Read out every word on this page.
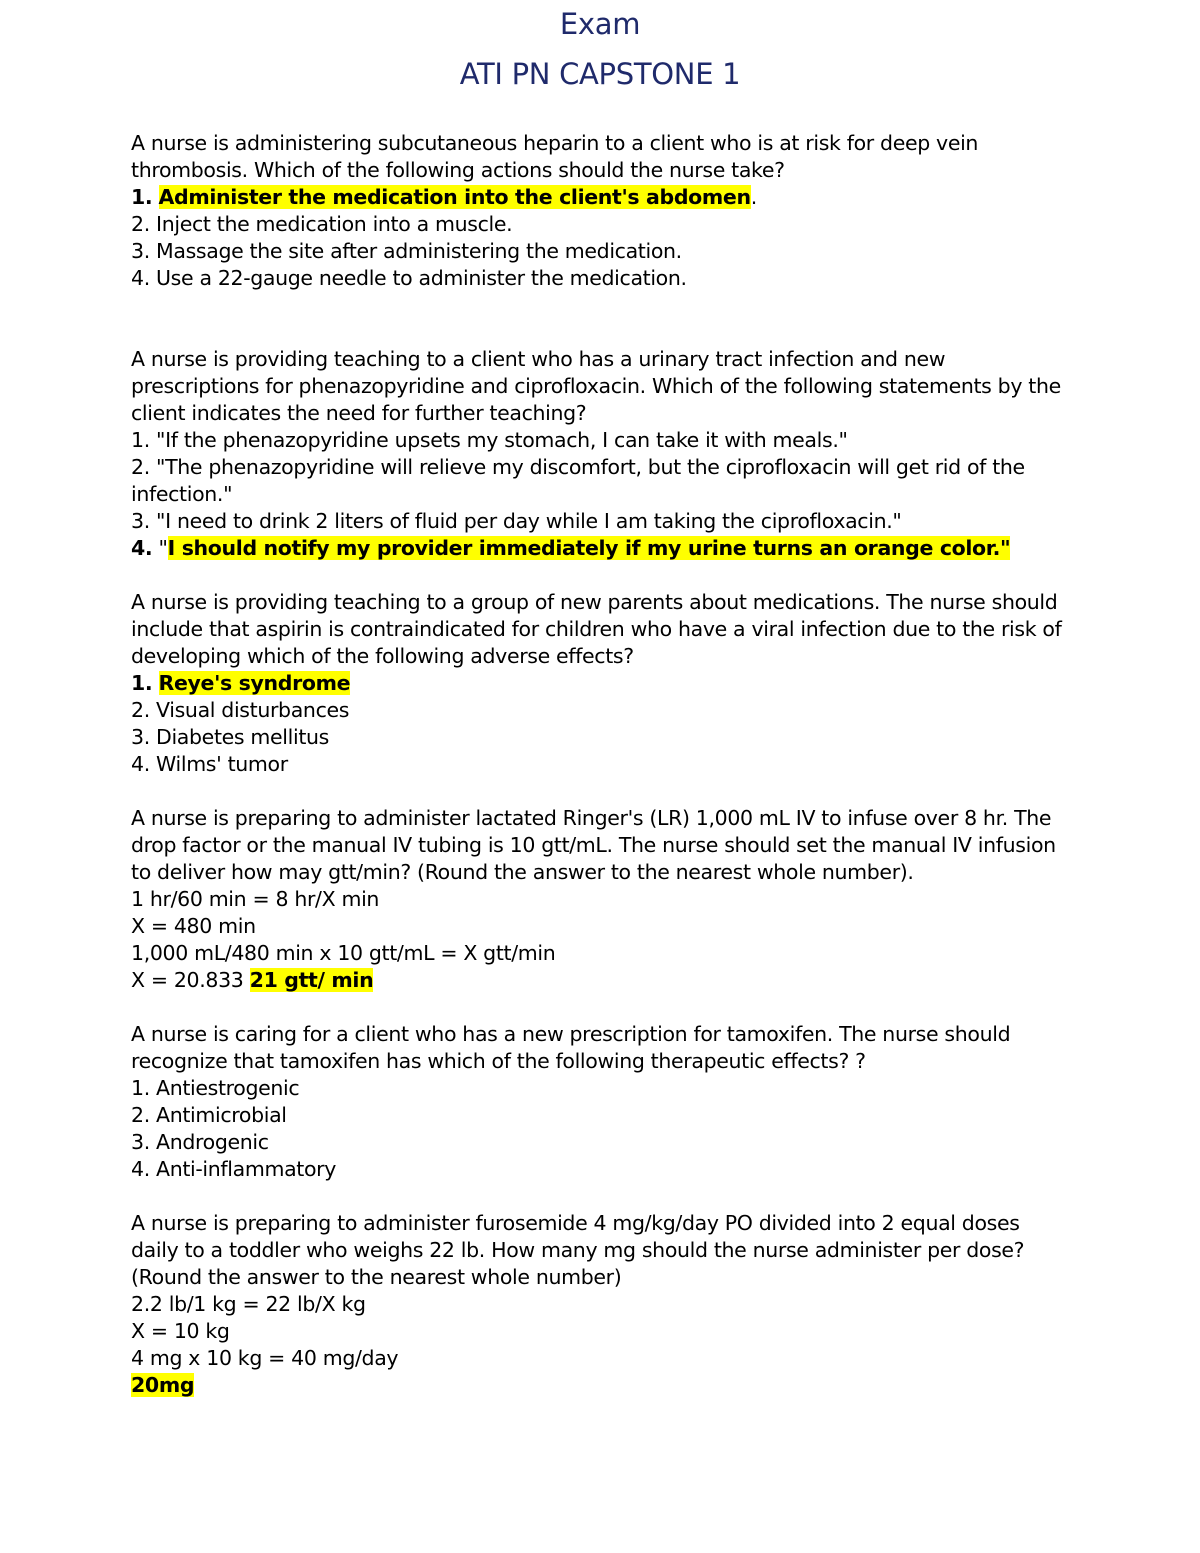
Exam
ATI PN CAPSTONE 1

A nurse is administering subcutaneous heparin to a client who is at risk for deep vein thrombosis. Which of the following actions should the nurse take?

1. Administer the medication into the client's abdomen.

2. Inject the medication into a muscle.

3. Massage the site after administering the medication.

4. Use a 22-gauge needle to administer the medication.

A nurse is providing teaching to a client who has a urinary tract infection and new prescriptions for phenazopyridine and ciprofloxacin. Which of the following statements by the client indicates the need for further teaching?

1. "If the phenazopyridine upsets my stomach, I can take it with meals."

2. "The phenazopyridine will relieve my discomfort, but the ciprofloxacin will get rid of the infection."

3. "I need to drink 2 liters of fluid per day while I am taking the ciprofloxacin."

4. "I should notify my provider immediately if my urine turns an orange color."

A nurse is providing teaching to a group of new parents about medications. The nurse should include that aspirin is contraindicated for children who have a viral infection due to the risk of developing which of the following adverse effects?

1. Reye's syndrome

2. Visual disturbances

3. Diabetes mellitus

4. Wilms' tumor

A nurse is preparing to administer lactated Ringer's (LR) 1,000 mL IV to infuse over 8 hr. The drop factor or the manual IV tubing is 10 gtt/mL. The nurse should set the manual IV infusion to deliver how may gtt/min? (Round the answer to the nearest whole number).

1 hr/60 min = 8 hr/X min

X = 480 min

1,000 mL/480 min x 10 gtt/mL = X gtt/min

X = 20.833 21 gtt/ min

A nurse is caring for a client who has a new prescription for tamoxifen. The nurse should recognize that tamoxifen has which of the following therapeutic effects? ?

1. Antiestrogenic

2. Antimicrobial

3. Androgenic

4. Anti-inflammatory

A nurse is preparing to administer furosemide 4 mg/kg/day PO divided into 2 equal doses daily to a toddler who weighs 22 lb. How many mg should the nurse administer per dose? (Round the answer to the nearest whole number)

2.2 lb/1 kg = 22 lb/X kg

X = 10 kg

4 mg x 10 kg = 40 mg/day

20mg
